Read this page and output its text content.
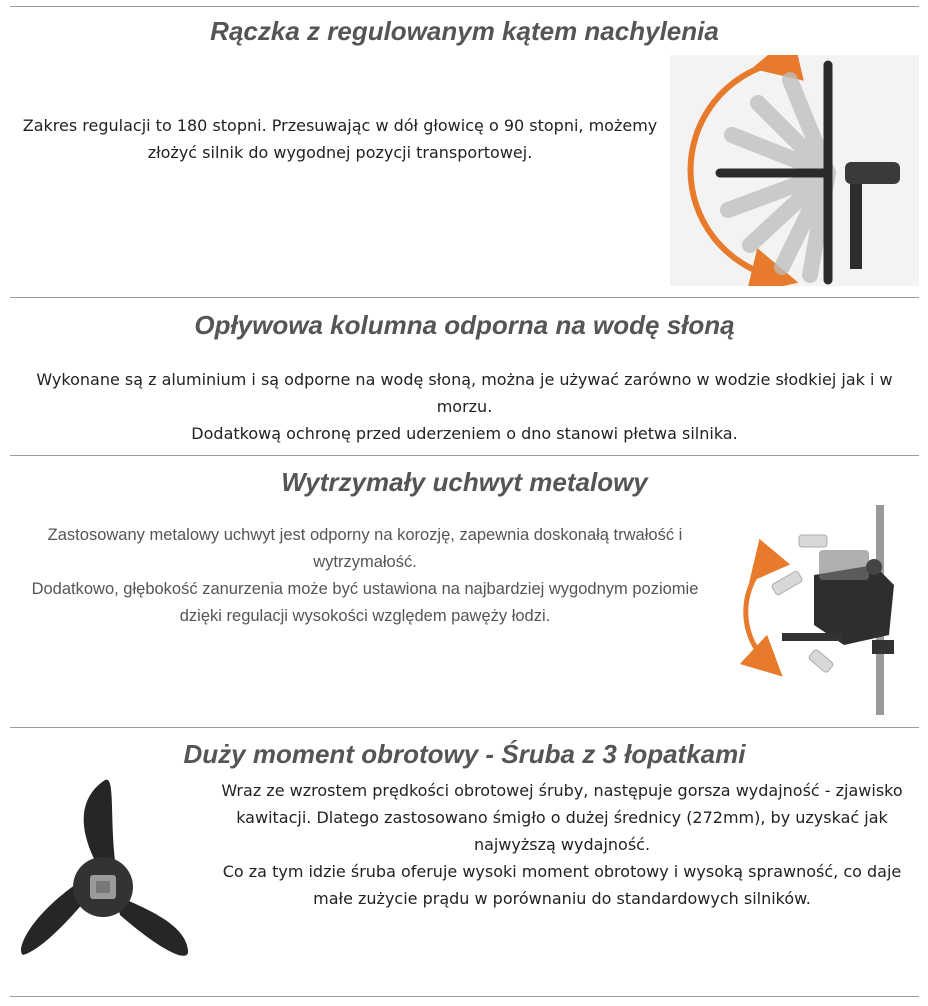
Rączka z regulowanym kątem nachylenia

Zakres regulacji to 180 stopni. Przesuwając w dół głowicę o 90 stopni, możemy złożyć silnik do wygodnej pozycji transportowej.

Opływowa kolumna odporna na wodę słoną

Wykonane są z aluminium i są odporne na wodę słoną, można je używać zarówno w wodzie słodkiej jak i w morzu.

Dodatkową ochronę przed uderzeniem o dno stanowi płetwa silnika.

Wytrzymały uchwyt metalowy

Zastosowany metalowy uchwyt jest odporny na korozję, zapewnia doskonałą trwałość i wytrzymałość.

Dodatkowo, głębokość zanurzenia może być ustawiona na najbardziej wygodnym poziomie dzięki regulacji wysokości względem pawęży łodzi.

Duży moment obrotowy - Śruba z 3 łopatkami

Wraz ze wzrostem prędkości obrotowej śruby, następuje gorsza wydajność - zjawisko kawitacji. Dlatego zastosowano śmigło o dużej średnicy (272mm), by uzyskać jak najwyższą wydajność.

Co za tym idzie śruba oferuje wysoki moment obrotowy i wysoką sprawność, co daje małe zużycie prądu w porównaniu do standardowych silników.
